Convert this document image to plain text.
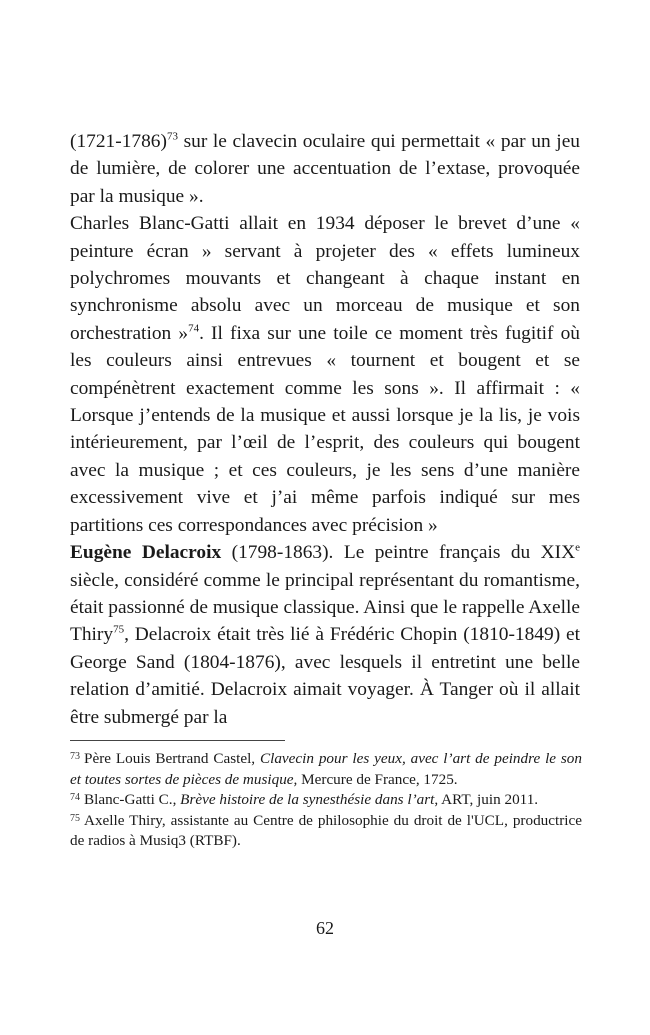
(1721-1786)$^{73}$ sur le clavecin oculaire qui permettait « par un jeu de lumière, de colorer une accentuation de l’extase, provoquée par la musique ».

Charles Blanc-Gatti allait en 1934 déposer le brevet d’une « peinture écran » servant à projeter des « effets lumineux polychromes mouvants et changeant à chaque instant en synchronisme absolu avec un morceau de musique et son orchestration »$^{74}$. Il fixa sur une toile ce moment très fugitif où les couleurs ainsi entrevues « tournent et bougent et se compénètrent exactement comme les sons ». Il affirmait : « Lorsque j’entends de la musique et aussi lorsque je la lis, je vois intérieurement, par l’œil de l’esprit, des couleurs qui bougent avec la musique ; et ces couleurs, je les sens d’une manière excessivement vive et j’ai même parfois indiqué sur mes partitions ces correspondances avec précision »

Eugène Delacroix (1798-1863). Le peintre français du XIXe siècle, considéré comme le principal représentant du romantisme, était passionné de musique classique. Ainsi que le rappelle Axelle Thiry$^{75}$, Delacroix était très lié à Frédéric Chopin (1810-1849) et George Sand (1804-1876), avec lesquels il entretint une belle relation d’amitié. Delacroix aimait voyager. À Tanger où il allait être submergé par la

$^{73}$ Père Louis Bertrand Castel, Clavecin pour les yeux, avec l’art de peindre le son et toutes sortes de pièces de musique, Mercure de France, 1725.

$^{74}$ Blanc-Gatti C., Brève histoire de la synesthésie dans l’art, ART, juin 2011.

$^{75}$ Axelle Thiry, assistante au Centre de philosophie du droit de l'UCL, productrice de radios à Musiq3 (RTBF).

62
